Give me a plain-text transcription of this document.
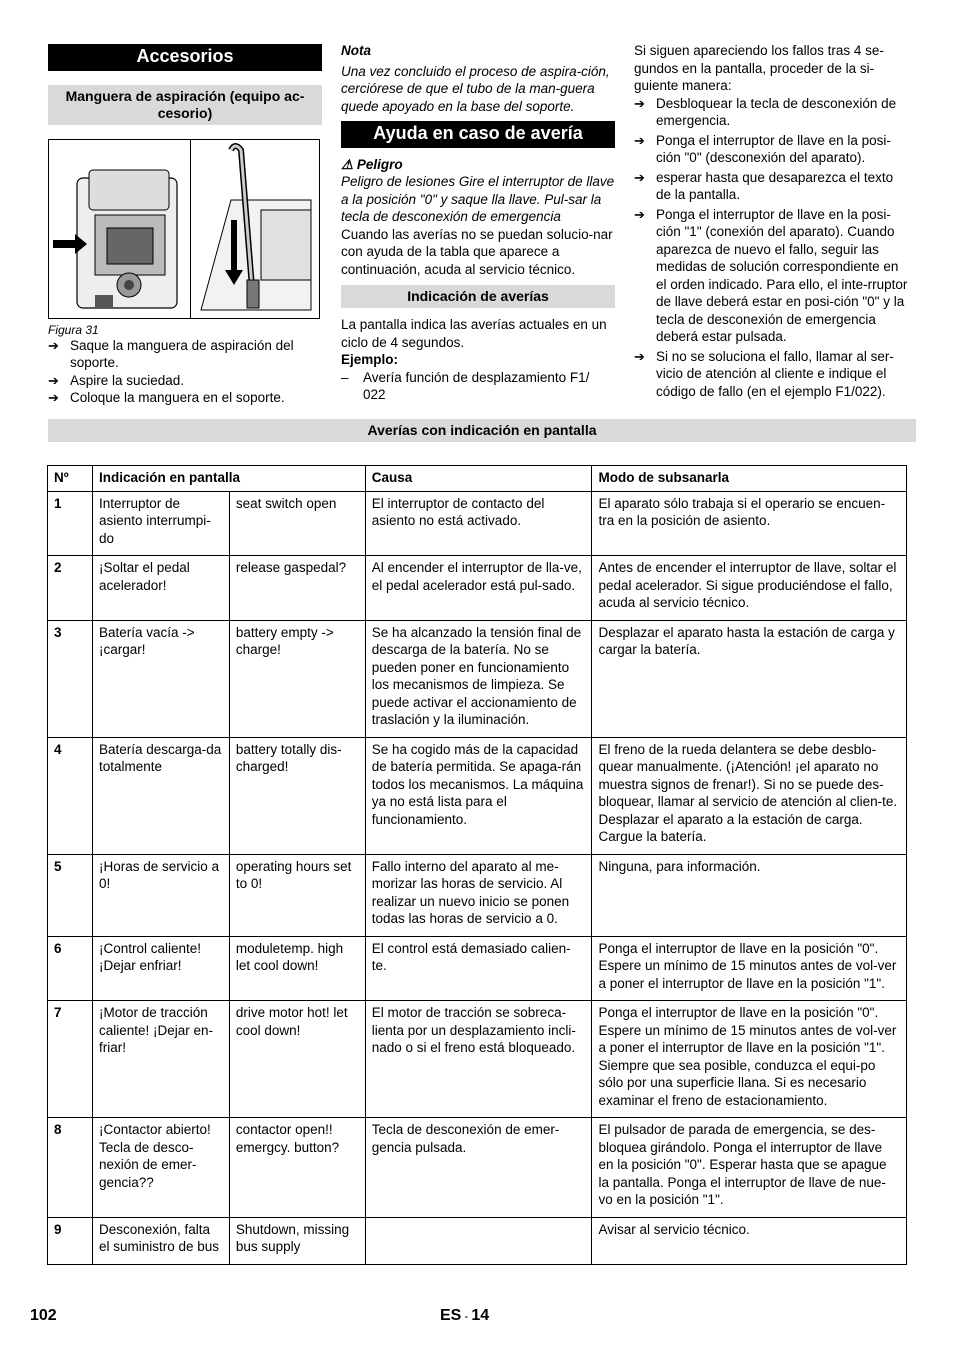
Accesorios
Manguera de aspiración (equipo ac-cesorio)
Figura 31
➔ Saque la manguera de aspiración del soporte.
➔ Aspire la suciedad.
➔ Coloque la manguera en el soporte.

Nota

Una vez concluido el proceso de aspira-ción, cerciórese de que el tubo de la man-guera quede apoyado en la base del soporte.

Ayuda en caso de avería

⚠ Peligro

Peligro de lesiones Gire el interruptor de llave a la posición "0" y saque lla llave. Pul-sar la tecla de desconexión de emergencia

Cuando las averías no se puedan solucio-nar con ayuda de la tabla que aparece a continuación, acuda al servicio técnico.

Indicación de averías

La pantalla indica las averías actuales en un ciclo de 4 segundos.

Ejemplo:

–	Avería función de desplazamiento F1/ 022

Si siguen apareciendo los fallos tras 4 se-gundos en la pantalla, proceder de la si-guiente manera:

➔ Desbloquear la tecla de desconexión de emergencia.
➔ Ponga el interruptor de llave en la posi-ción "0" (desconexión del aparato).
➔ esperar hasta que desaparezca el texto de la pantalla.
➔ Ponga el interruptor de llave en la posi-ción "1" (conexión del aparato). Cuando aparezca de nuevo el fallo, seguir las medidas de solución correspondiente en el orden indicado. Para ello, el inte-rruptor de llave deberá estar en posi-ción "0" y la tecla de desconexión de emergencia deberá estar pulsada.
➔ Si no se soluciona el fallo, llamar al ser-vicio de atención al cliente e indique el código de fallo (en el ejemplo F1/022).
Averías con indicación en pantalla
Nº	Indicación en pantalla		Causa	Modo de subsanarla
1	Interruptor de asiento interrumpi-do	seat switch open	El interruptor de contacto del asiento no está activado.	El aparato sólo trabaja si el operario se encuen-tra en la posición de asiento.
2	¡Soltar el pedal acelerador!	release gaspedal?	Al encender el interruptor de lla-ve, el pedal acelerador está pul-sado.	Antes de encender el interruptor de llave, soltar el pedal acelerador. Si sigue produciéndose el fallo, acuda al servicio técnico.
3	Batería vacía -> ¡cargar!	battery empty -> charge!	Se ha alcanzado la tensión final de descarga de la batería. No se pueden poner en funcionamiento los mecanismos de limpieza. Se puede activar el accionamiento de traslación y la iluminación.	Desplazar el aparato hasta la estación de carga y cargar la batería.
4	Batería descarga-da totalmente	battery totally dis-charged!	Se ha cogido más de la capacidad de batería permitida. Se apaga-rán todos los mecanismos. La máquina ya no está lista para el funcionamiento.	El freno de la rueda delantera se debe desblo-quear manualmente. (¡Atención! ¡el aparato no muestra signos de frenar!). Si no se puede des-bloquear, llamar al servicio de atención al clien-te. Desplazar el aparato a la estación de carga. Cargue la batería.
5	¡Horas de servicio a 0!	operating hours set to 0!	Fallo interno del aparato al me-morizar las horas de servicio. Al realizar un nuevo inicio se ponen todas las horas de servicio a 0.	Ninguna, para información.
6	¡Control caliente! ¡Dejar enfriar!	moduletemp. high let cool down!	El control está demasiado calien-te.	Ponga el interruptor de llave en la posición "0". Espere un mínimo de 15 minutos antes de vol-ver a poner el interruptor de llave en la posición "1".
7	¡Motor de tracción caliente! ¡Dejar en-friar!	drive motor hot! let cool down!	El motor de tracción se sobreca-lienta por un desplazamiento incli-nado o si el freno está bloqueado.	Ponga el interruptor de llave en la posición "0". Espere un mínimo de 15 minutos antes de vol-ver a poner el interruptor de llave en la posición "1". Siempre que sea posible, conduzca el equi-po sólo por una superficie llana. Si es necesario examinar el freno de estacionamiento.
8	¡Contactor abierto! Tecla de desco-nexión de emer-gencia??	contactor open!! emergcy. button?	Tecla de desconexión de emer-gencia pulsada.	El pulsador de parada de emergencia, se des-bloquea girándolo. Ponga el interruptor de llave en la posición "0". Esperar hasta que se apague la pantalla. Ponga el interruptor de llave de nue-vo en la posición "1".
9	Desconexión, falta el suministro de bus	Shutdown, missing bus supply		Avisar al servicio técnico.
102	ES - 14
